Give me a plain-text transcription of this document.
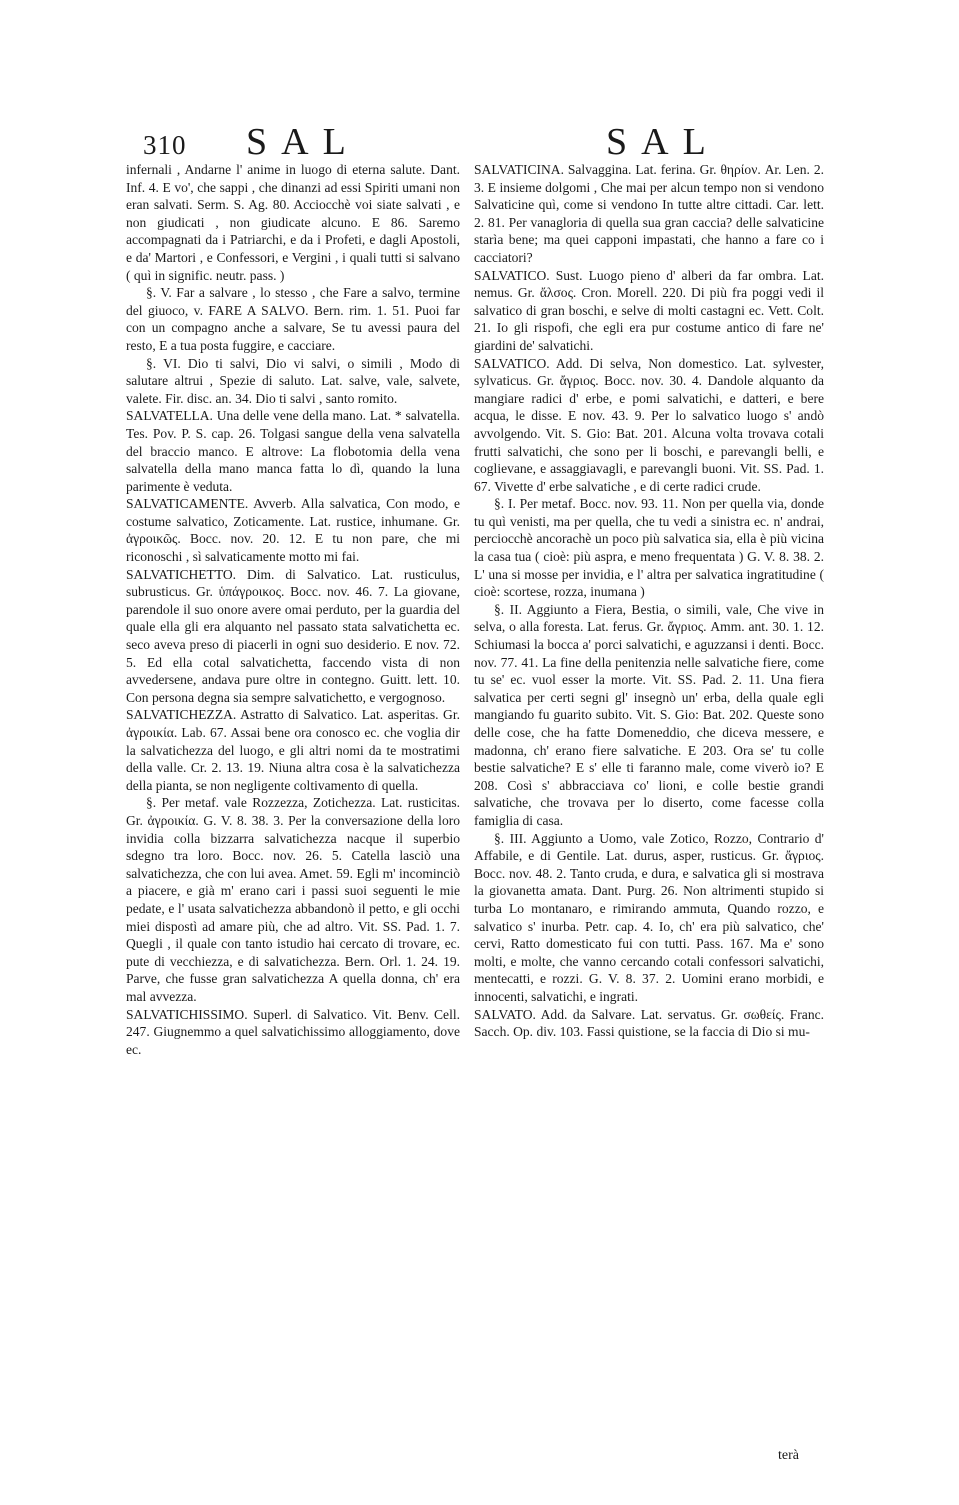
310 SAL	SAL

infernali , Andarne l' anime in luogo di eterna salute. Dant. Inf. 4. E vo', che sappi , che dinanzi ad essi Spiriti umani non eran salvati. Serm. S. Ag. 80. Acciocchè voi siate salvati , e non giudicati , non giudicate alcuno. E 86. Saremo accompagnati da i Patriarchi, e da i Profeti, e dagli Apostoli, e da' Martori , e Confessori, e Vergini , i quali tutti si salvano ( quì in signific. neutr. pass. )

§. V. Far a salvare , lo stesso , che Fare a salvo, termine del giuoco, v. FARE A SALVO. Bern. rim. 1. 51. Puoi far con un compagno anche a salvare, Se tu avessi paura del resto, E a tua posta fuggire, e cacciare.

§. VI. Dio ti salvi, Dio vi salvi, o simili , Modo di salutare altrui , Spezie di saluto. Lat. salve, vale, salvete, valete. Fir. disc. an. 34. Dio ti salvi , santo romito.

SALVATELLA. Una delle vene della mano. Lat. * salvatella. Tes. Pov. P. S. cap. 26. Tolgasi sangue della vena salvatella del braccio manco. E altrove: La flobotomia della vena salvatella della mano manca fatta lo dì, quando la luna parimente è veduta.

SALVATICAMENTE. Avverb. Alla salvatica, Con modo, e costume salvatico, Zoticamente. Lat. rustice, inhumane. Gr. ἀγροικῶς. Bocc. nov. 20. 12. E tu non pare, che mi riconoschi , sì salvaticamente motto mi fai.

SALVATICHETTO. Dim. di Salvatico. Lat. rusticulus, subrusticus. Gr. ὑπάγροικος. Bocc. nov. 46. 7. La giovane, parendole il suo onore avere omai perduto, per la guardia del quale ella gli era alquanto nel passato stata salvatichetta ec. seco aveva preso di piacerli in ogni suo desiderio. E nov. 72. 5. Ed ella cotal salvatichetta, faccendo vista di non avvedersene, andava pure oltre in contegno. Guitt. lett. 10. Con persona degna sia sempre salvatichetto, e vergognoso.

SALVATICHEZZA. Astratto di Salvatico. Lat. asperitas. Gr. ἀγροικία. Lab. 67. Assai bene ora conosco ec. che voglia dir la salvatichezza del luogo, e gli altri nomi da te mostratimi della valle. Cr. 2. 13. 19. Niuna altra cosa è la salvatichezza della pianta, se non negligente coltivamento di quella.

§. Per metaf. vale Rozzezza, Zotichezza. Lat. rusticitas. Gr. ἀγροικία. G. V. 8. 38. 3. Per la conversazione della loro invidia colla bizzarra salvatichezza nacque il superbio sdegno tra loro. Bocc. nov. 26. 5. Catella lasciò una salvatichezza, che con lui avea. Amet. 59. Egli m' incominciò a piacere, e già m' erano cari i passi suoi seguenti le mie pedate, e l' usata salvatichezza abbandonò il petto, e gli occhi miei dispostì ad amare più, che ad altro. Vit. SS. Pad. 1. 7. Quegli , il quale con tanto istudio hai cercato di trovare, ec. pute di vecchiezza, e di salvatichezza. Bern. Orl. 1. 24. 19. Parve, che fusse gran salvatichezza A quella donna, ch' era mal avvezza.

SALVATICHISSIMO. Superl. di Salvatico. Vit. Benv. Cell. 247. Giugnemmo a quel salvatichissimo alloggiamento, dove ec.

SALVATICINA. Salvaggina. Lat. ferina. Gr. θηρίον. Ar. Len. 2. 3. E insieme dolgomi , Che mai per alcun tempo non si vendono Salvaticine quì, come si vendono In tutte altre cittadi. Car. lett. 2. 81. Per vanagloria di quella sua gran caccia? delle salvaticine starìa bene; ma quei capponi impastati, che hanno a fare co i cacciatori?

SALVATICO. Sust. Luogo pieno d' alberi da far ombra. Lat. nemus. Gr. ἄλσος. Cron. Morell. 220. Di più fra poggi vedi il salvatico di gran boschi, e selve di molti castagni ec. Vett. Colt. 21. Io gli rispofi, che egli era pur costume antico di fare ne' giardini de' salvatichi.

SALVATICO. Add. Di selva, Non domestico. Lat. sylvester, sylvaticus. Gr. ἄγριος. Bocc. nov. 30. 4. Dandole alquanto da mangiare radici d' erbe, e pomi salvatichi, e datteri, e bere acqua, le disse. E nov. 43. 9. Per lo salvatico luogo s' andò avvolgendo. Vit. S. Gio: Bat. 201. Alcuna volta trovava cotali frutti salvatichi, che sono per li boschi, e parevangli belli, e coglievane, e assaggiavagli, e parevangli buoni. Vit. SS. Pad. 1. 67. Vivette d' erbe salvatiche , e di certe radici crude.

§. I. Per metaf. Bocc. nov. 93. 11. Non per quella via, donde tu quì venisti, ma per quella, che tu vedi a sinistra ec. n' andrai, perciocchè ancorachè un poco più salvatica sia, ella è più vicina la casa tua ( cioè: più aspra, e meno frequentata ) G. V. 8. 38. 2. L' una si mosse per invidia, e l' altra per salvatica ingratitudine ( cioè: scortese, rozza, inumana )

§. II. Aggiunto a Fiera, Bestia, o simili, vale, Che vive in selva, o alla foresta. Lat. ferus. Gr. ἄγριος. Amm. ant. 30. 1. 12. Schiumasi la bocca a' porci salvatichi, e aguzzansi i denti. Bocc. nov. 77. 41. La fine della penitenzia nelle salvatiche fiere, come tu se' ec. vuol esser la morte. Vit. SS. Pad. 2. 11. Una fiera salvatica per certi segni gl' insegnò un' erba, della quale egli mangiando fu guarito subito. Vit. S. Gio: Bat. 202. Queste sono delle cose, che ha fatte Domeneddio, che diceva messere, e madonna, ch' erano fiere salvatiche. E 203. Ora se' tu colle bestie salvatiche? E s' elle ti faranno male, come viverò io? E 208. Così s' abbracciava co' lioni, e colle bestie grandi salvatiche, che trovava per lo diserto, come facesse colla famiglia di casa.

§. III. Aggiunto a Uomo, vale Zotico, Rozzo, Contrario d' Affabile, e di Gentile. Lat. durus, asper, rusticus. Gr. ἄγριος. Bocc. nov. 48. 2. Tanto cruda, e dura, e salvatica gli si mostrava la giovanetta amata. Dant. Purg. 26. Non altrimenti stupido si turba Lo montanaro, e rimirando ammuta, Quando rozzo, e salvatico s' inurba. Petr. cap. 4. Io, ch' era più salvatico, che' cervi, Ratto domesticato fui con tutti. Pass. 167. Ma e' sono molti, e molte, che vanno cercando cotali confessori salvatichi, mentecatti, e rozzi. G. V. 8. 37. 2. Uomini erano morbidi, e innocenti, salvatichi, e ingrati.

SALVATO. Add. da Salvare. Lat. servatus. Gr. σωθείς. Franc. Sacch. Op. div. 103. Fassi quistione, se la faccia di Dio si mu-

terà
